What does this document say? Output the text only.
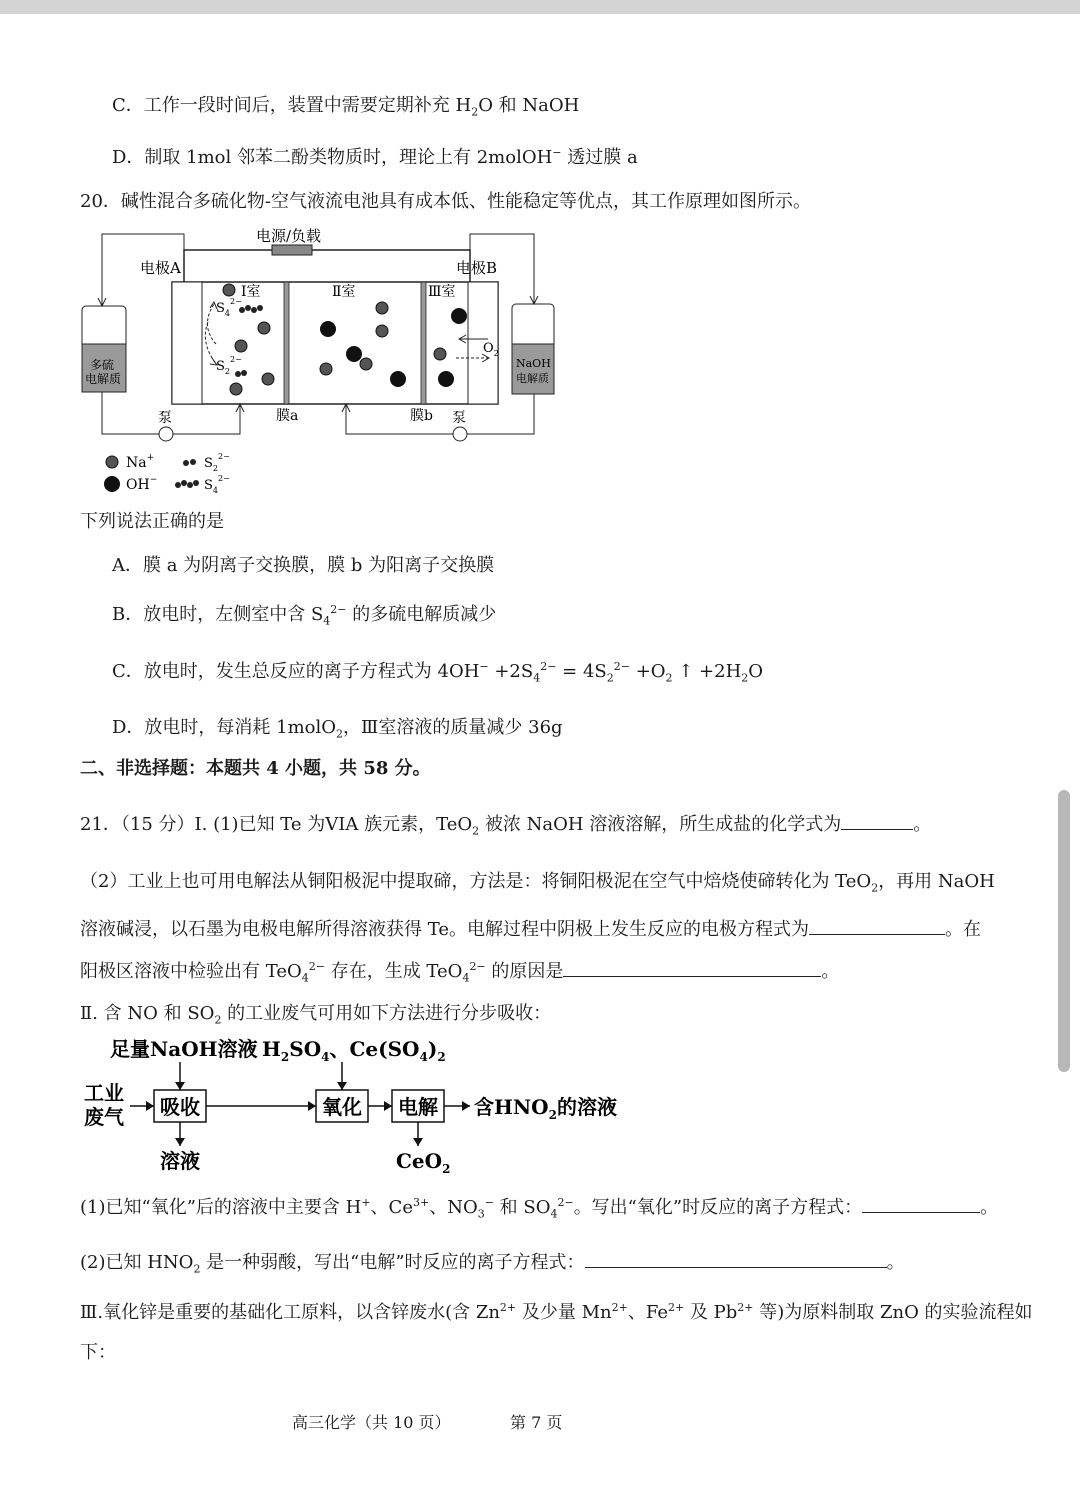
C．工作一段时间后，装置中需要定期补充 $H_2O$ 和 NaOH
D．制取 1mol 邻苯二酚类物质时，理论上有 2molOH− 透过膜 a
20．碱性混合多硫化物-空气液流电池具有成本低、性能稳定等优点，其工作原理如图所示。
电源/负载
电极A	电极B
Ⅰ室	Ⅱ室	Ⅲ室
$S_4^{2-}$
$S_2^{2-}$
$O_2$
多硫
电解质
泵
NaOH
电解质
泵
膜a	膜b
Na+
OH−
$S_2^{2-}$
$S_4^{2-}$
下列说法正确的是
A．膜 a 为阴离子交换膜，膜 b 为阳离子交换膜
B．放电时，左侧室中含 $S_4^{2-}$ 的多硫电解质减少
C．放电时，发生总反应的离子方程式为 $4OH^- +2S_4^{2-} = 4S_2^{2-} +O_2$ ↑ $+2H_2O$
D．放电时，每消耗 1molO$_2$，Ⅲ室溶液的质量减少 36g
二、非选择题：本题共 4 小题，共 58 分。
21．（15 分）Ⅰ. (1)已知 Te 为VIA 族元素，TeO$_2$ 被浓 NaOH 溶液溶解，所生成盐的化学式为	。
（2）工业上也可用电解法从铜阳极泥中提取碲，方法是：将铜阳极泥在空气中焙烧使碲转化为 TeO$_2$，再用 NaOH
溶液碱浸，以石墨为电极电解所得溶液获得 Te。电解过程中阴极上发生反应的电极方程式为	。在
阳极区溶液中检验出有 TeO$_4^{2-}$ 存在，生成 TeO$_4^{2-}$ 的原因是	。
Ⅱ. 含 NO 和 $SO_2$ 的工业废气可用如下方法进行分步吸收：
足量NaOH溶液 $H_2SO_4$、$Ce(SO_4)_2$
工业
废气 吸收	氧化 电解 含$HNO_2$的溶液
溶液	CeO$_2$
(1)已知“氧化”后的溶液中主要含 H+、$Ce^{3+}$、$NO_3^-$ 和 $SO_4^{2-}$。写出“氧化”时反应的离子方程式：	。
(2)已知 $HNO_2$ 是一种弱酸，写出“电解”时反应的离子方程式：	。
Ⅲ.氧化锌是重要的基础化工原料，以含锌废水(含 $Zn^{2+}$ 及少量 $Mn^{2+}$、$Fe^{2+}$ 及 $Pb^{2+}$ 等)为原料制取 ZnO 的实验流程如
下：
高三化学（共 10 页）	第 7 页
